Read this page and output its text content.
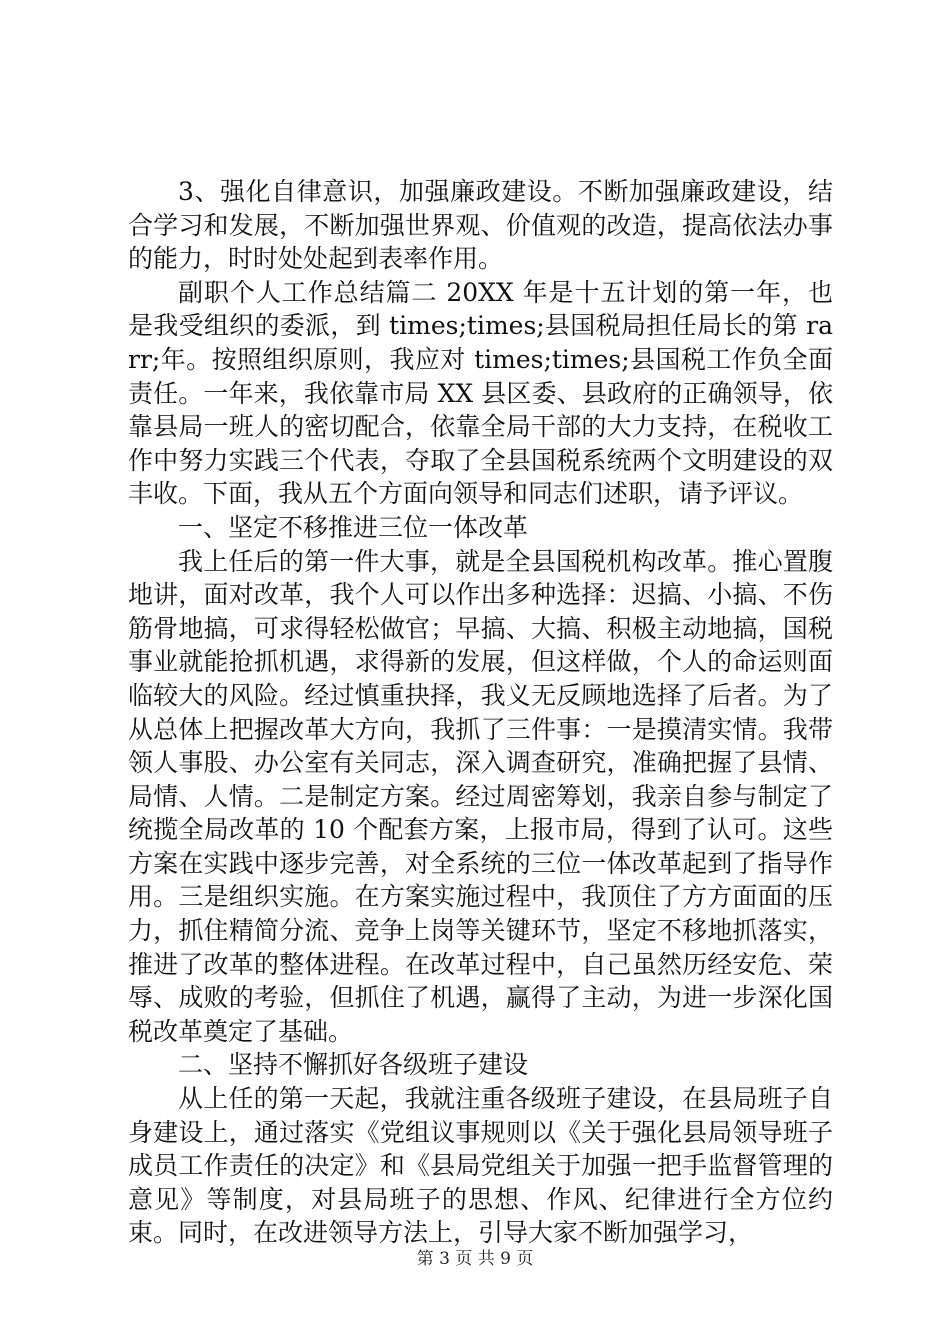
3、强化自律意识，加强廉政建设。不断加强廉政建设，结合学习和发展，不断加强世界观、价值观的改造，提高依法办事的能力，时时处处起到表率作用。

副职个人工作总结篇二 20XX 年是十五计划的第一年，也是我受组织的委派，到 times;times;县国税局担任局长的第 rarr;年。按照组织原则，我应对 times;times;县国税工作负全面责任。一年来，我依靠市局 XX 县区委、县政府的正确领导，依靠县局一班人的密切配合，依靠全局干部的大力支持，在税收工作中努力实践三个代表，夺取了全县国税系统两个文明建设的双丰收。下面，我从五个方面向领导和同志们述职，请予评议。

一、坚定不移推进三位一体改革

我上任后的第一件大事，就是全县国税机构改革。推心置腹地讲，面对改革，我个人可以作出多种选择：迟搞、小搞、不伤筋骨地搞，可求得轻松做官；早搞、大搞、积极主动地搞，国税事业就能抢抓机遇，求得新的发展，但这样做，个人的命运则面临较大的风险。经过慎重抉择，我义无反顾地选择了后者。为了从总体上把握改革大方向，我抓了三件事：一是摸清实情。我带领人事股、办公室有关同志，深入调查研究，准确把握了县情、局情、人情。二是制定方案。经过周密筹划，我亲自参与制定了统揽全局改革的 10 个配套方案，上报市局，得到了认可。这些方案在实践中逐步完善，对全系统的三位一体改革起到了指导作用。三是组织实施。在方案实施过程中，我顶住了方方面面的压力，抓住精简分流、竞争上岗等关键环节，坚定不移地抓落实，推进了改革的整体进程。在改革过程中，自己虽然历经安危、荣辱、成败的考验，但抓住了机遇，赢得了主动，为进一步深化国税改革奠定了基础。

二、坚持不懈抓好各级班子建设

从上任的第一天起，我就注重各级班子建设，在县局班子自身建设上，通过落实《党组议事规则以《关于强化县局领导班子成员工作责任的决定》和《县局党组关于加强一把手监督管理的意见》等制度，对县局班子的思想、作风、纪律进行全方位约束。同时，在改进领导方法上，引导大家不断加强学习，

第 3 页 共 9 页
